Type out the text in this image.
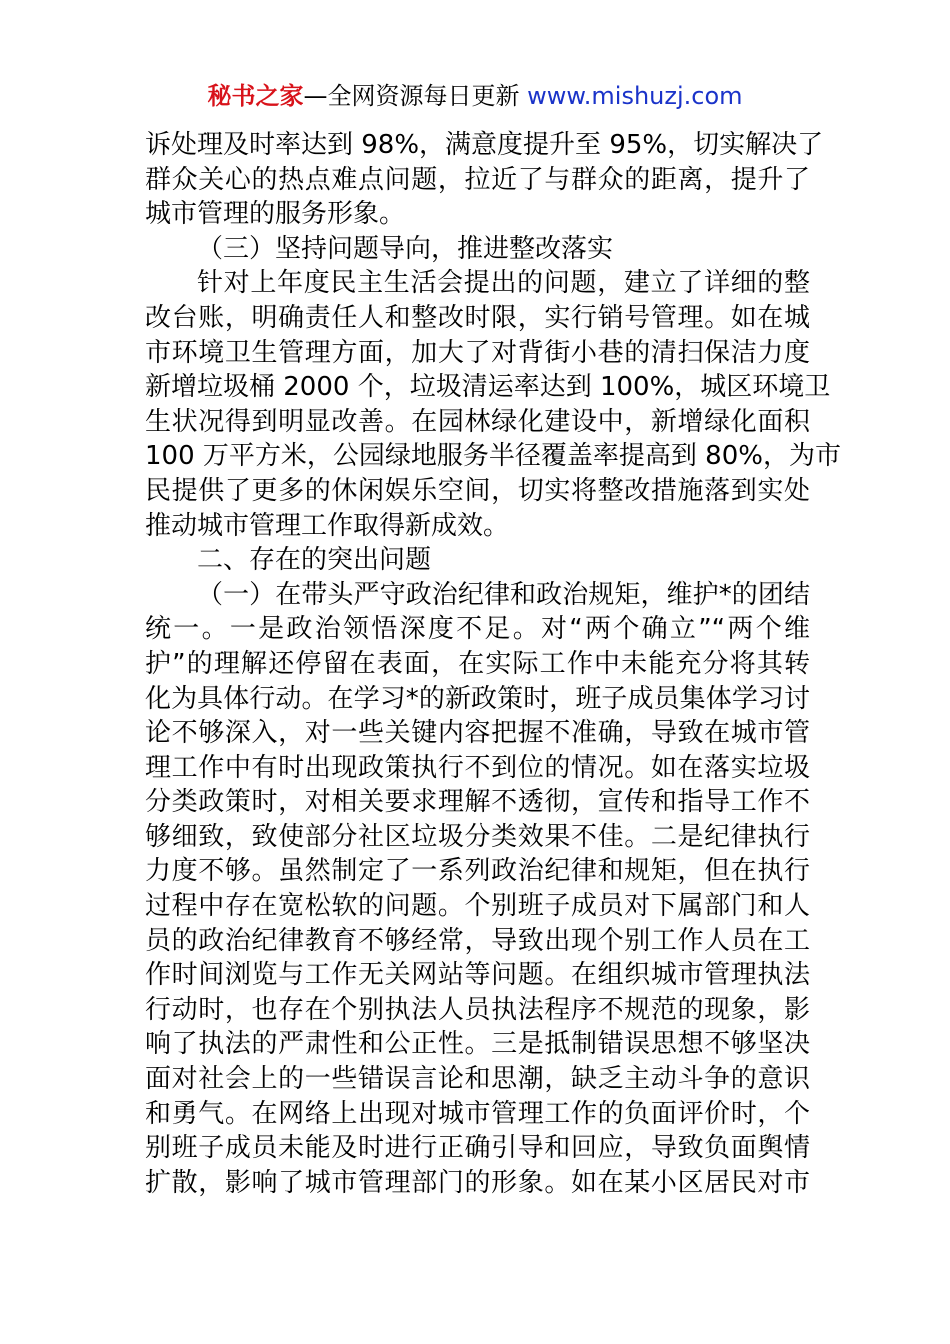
秘书之家—全网资源每日更新 www.mishuzj.com
诉处理及时率达到 98%，满意度提升至 95%，切实解决了
群众关心的热点难点问题，拉近了与群众的距离，提升了
城市管理的服务形象。
（三）坚持问题导向，推进整改落实
针对上年度民主生活会提出的问题，建立了详细的整
改台账，明确责任人和整改时限，实行销号管理。如在城
市环境卫生管理方面，加大了对背街小巷的清扫保洁力度
新增垃圾桶 2000 个，垃圾清运率达到 100%，城区环境卫
生状况得到明显改善。在园林绿化建设中，新增绿化面积
100 万平方米，公园绿地服务半径覆盖率提高到 80%，为市
民提供了更多的休闲娱乐空间，切实将整改措施落到实处
推动城市管理工作取得新成效。
二、存在的突出问题
（一）在带头严守政治纪律和政治规矩，维护*的团结
统一。一是政治领悟深度不足。对“两个确立”“两个维
护”的理解还停留在表面，在实际工作中未能充分将其转
化为具体行动。在学习*的新政策时，班子成员集体学习讨
论不够深入，对一些关键内容把握不准确，导致在城市管
理工作中有时出现政策执行不到位的情况。如在落实垃圾
分类政策时，对相关要求理解不透彻，宣传和指导工作不
够细致，致使部分社区垃圾分类效果不佳。二是纪律执行
力度不够。虽然制定了一系列政治纪律和规矩，但在执行
过程中存在宽松软的问题。个别班子成员对下属部门和人
员的政治纪律教育不够经常，导致出现个别工作人员在工
作时间浏览与工作无关网站等问题。在组织城市管理执法
行动时，也存在个别执法人员执法程序不规范的现象，影
响了执法的严肃性和公正性。三是抵制错误思想不够坚决
面对社会上的一些错误言论和思潮，缺乏主动斗争的意识
和勇气。在网络上出现对城市管理工作的负面评价时，个
别班子成员未能及时进行正确引导和回应，导致负面舆情
扩散，影响了城市管理部门的形象。如在某小区居民对市
